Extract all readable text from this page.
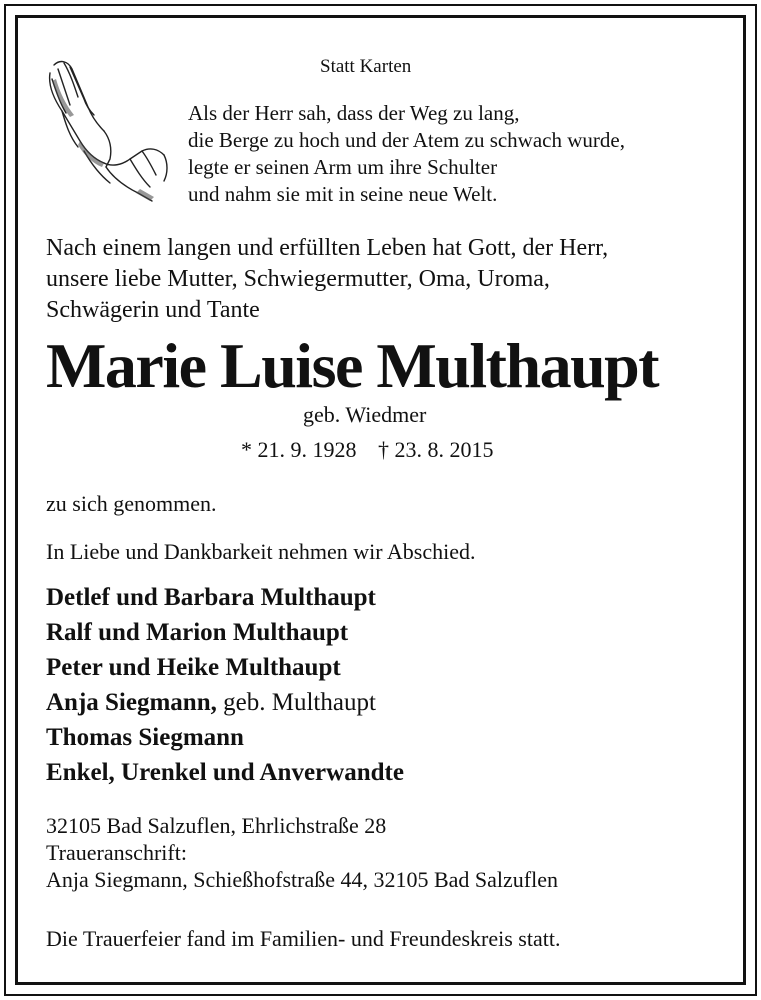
Statt Karten
Als der Herr sah, dass der Weg zu lang,
die Berge zu hoch und der Atem zu schwach wurde,
legte er seinen Arm um ihre Schulter
und nahm sie mit in seine neue Welt.
Nach einem langen und erfüllten Leben hat Gott, der Herr,
unsere liebe Mutter, Schwiegermutter, Oma, Uroma,
Schwägerin und Tante
Marie Luise Multhaupt
geb. Wiedmer
* 21. 9. 1928 † 23. 8. 2015
zu sich genommen.
In Liebe und Dankbarkeit nehmen wir Abschied.
Detlef und Barbara Multhaupt
Ralf und Marion Multhaupt
Peter und Heike Multhaupt
Anja Siegmann, geb. Multhaupt
Thomas Siegmann
Enkel, Urenkel und Anverwandte
32105 Bad Salzuflen, Ehrlichstraße 28
Traueranschrift:
Anja Siegmann, Schießhofstraße 44, 32105 Bad Salzuflen
Die Trauerfeier fand im Familien- und Freundeskreis statt.
